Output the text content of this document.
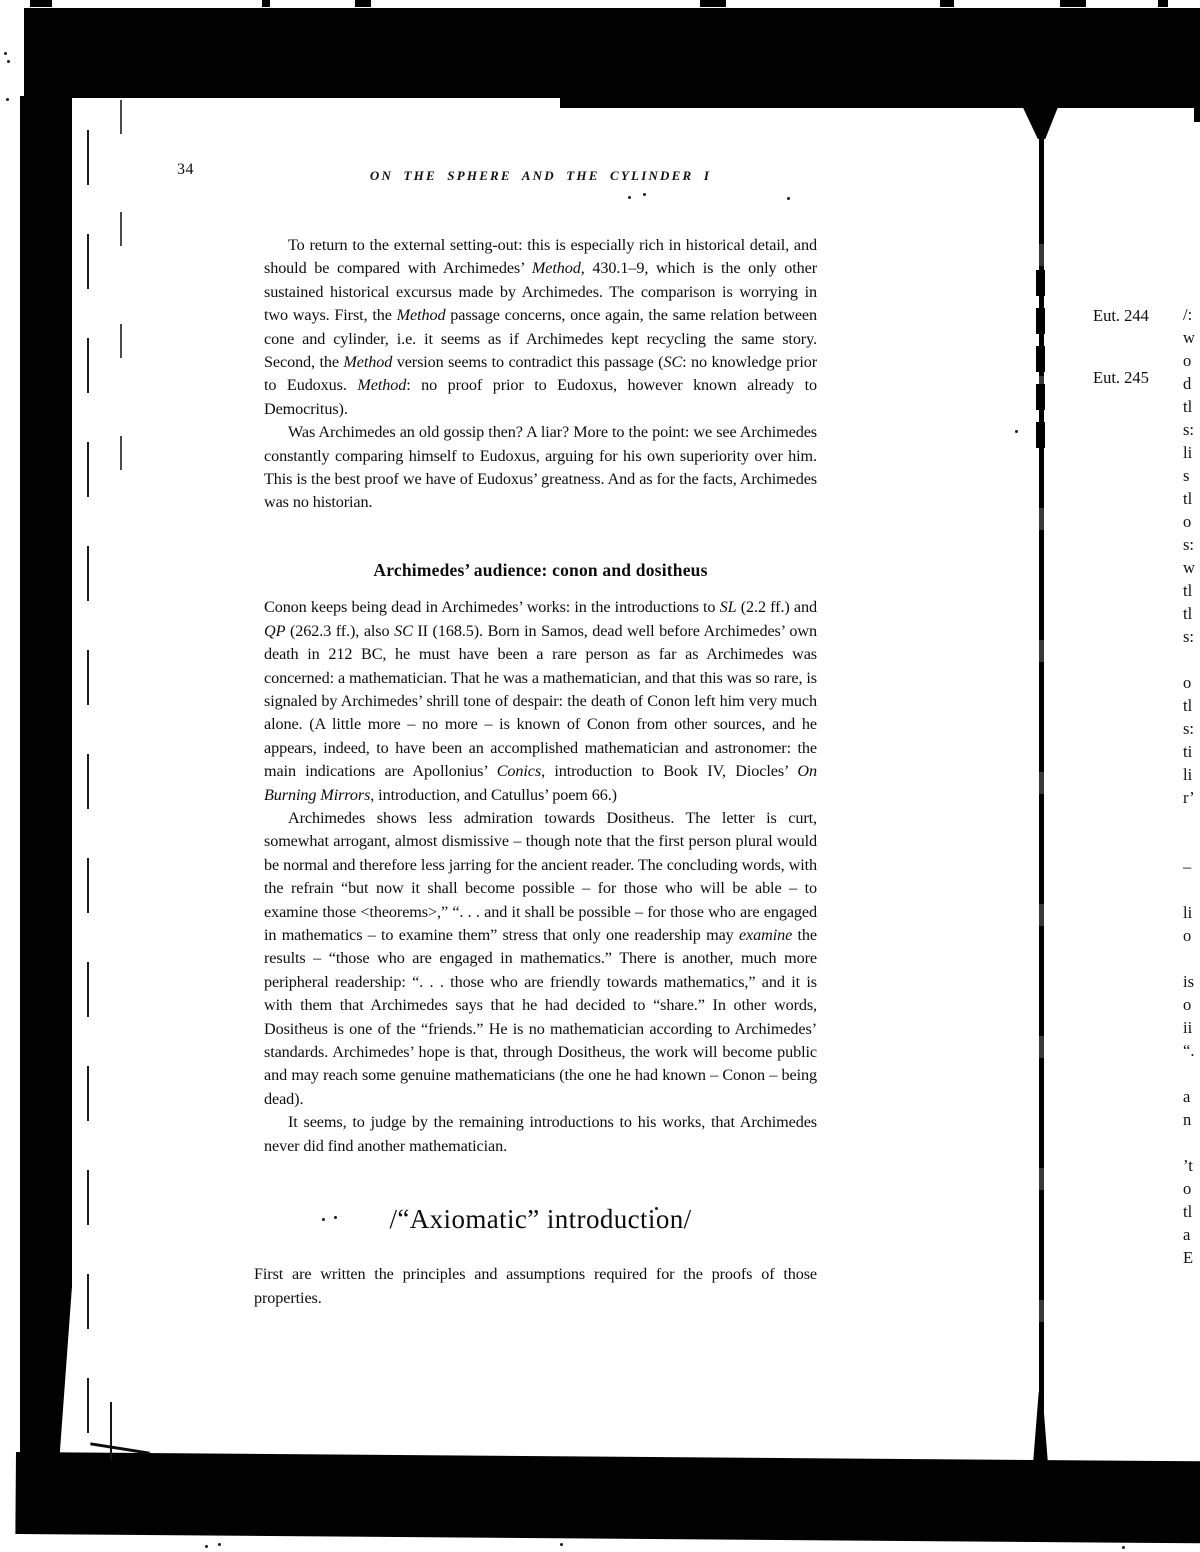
34	ON THE SPHERE AND THE CYLINDER I

To return to the external setting-out: this is especially rich in historical detail, and should be compared with Archimedes’ Method, 430.1–9, which is the only other sustained historical excursus made by Archimedes. The comparison is worrying in two ways. First, the Method passage concerns, once again, the same relation between cone and cylinder, i.e. it seems as if Archimedes kept recycling the same story. Second, the Method version seems to contradict this passage (SC: no knowledge prior to Eudoxus. Method: no proof prior to Eudoxus, however known already to Democritus).

Was Archimedes an old gossip then? A liar? More to the point: we see Archimedes constantly comparing himself to Eudoxus, arguing for his own superiority over him. This is the best proof we have of Eudoxus’ greatness. And as for the facts, Archimedes was no historian.

Archimedes’ audience: conon and dositheus

Conon keeps being dead in Archimedes’ works: in the introductions to SL (2.2 ff.) and QP (262.3 ff.), also SC II (168.5). Born in Samos, dead well before Archimedes’ own death in 212 BC, he must have been a rare person as far as Archimedes was concerned: a mathematician. That he was a mathematician, and that this was so rare, is signaled by Archimedes’ shrill tone of despair: the death of Conon left him very much alone. (A little more – no more – is known of Conon from other sources, and he appears, indeed, to have been an accomplished mathematician and astronomer: the main indications are Apollonius’ Conics, introduction to Book IV, Diocles’ On Burning Mirrors, introduction, and Catullus’ poem 66.)

Archimedes shows less admiration towards Dositheus. The letter is curt, somewhat arrogant, almost dismissive – though note that the first person plural would be normal and therefore less jarring for the ancient reader. The concluding words, with the refrain “but now it shall become possible – for those who will be able – to examine those <theorems>,” “. . . and it shall be possible – for those who are engaged in mathematics – to examine them” stress that only one readership may examine the results – “those who are engaged in mathematics.” There is another, much more peripheral readership: “. . . those who are friendly towards mathematics,” and it is with them that Archimedes says that he had decided to “share.” In other words, Dositheus is one of the “friends.” He is no mathematician according to Archimedes’ standards. Archimedes’ hope is that, through Dositheus, the work will become public and may reach some genuine mathematicians (the one he had known – Conon – being dead).

It seems, to judge by the remaining introductions to his works, that Archimedes never did find another mathematician.

/“Axiomatic” introduction/

First are written the principles and assumptions required for the proofs of those properties.

Eut. 244
Eut. 245
/:
w
o
d
tl
s:
li
s
tl
o
s:
w
tl
tl
s:
o
tl
s:
ti
li
r’
–
li
o
is
o
ii
“.
a
n
’t
o
tl
a
E
